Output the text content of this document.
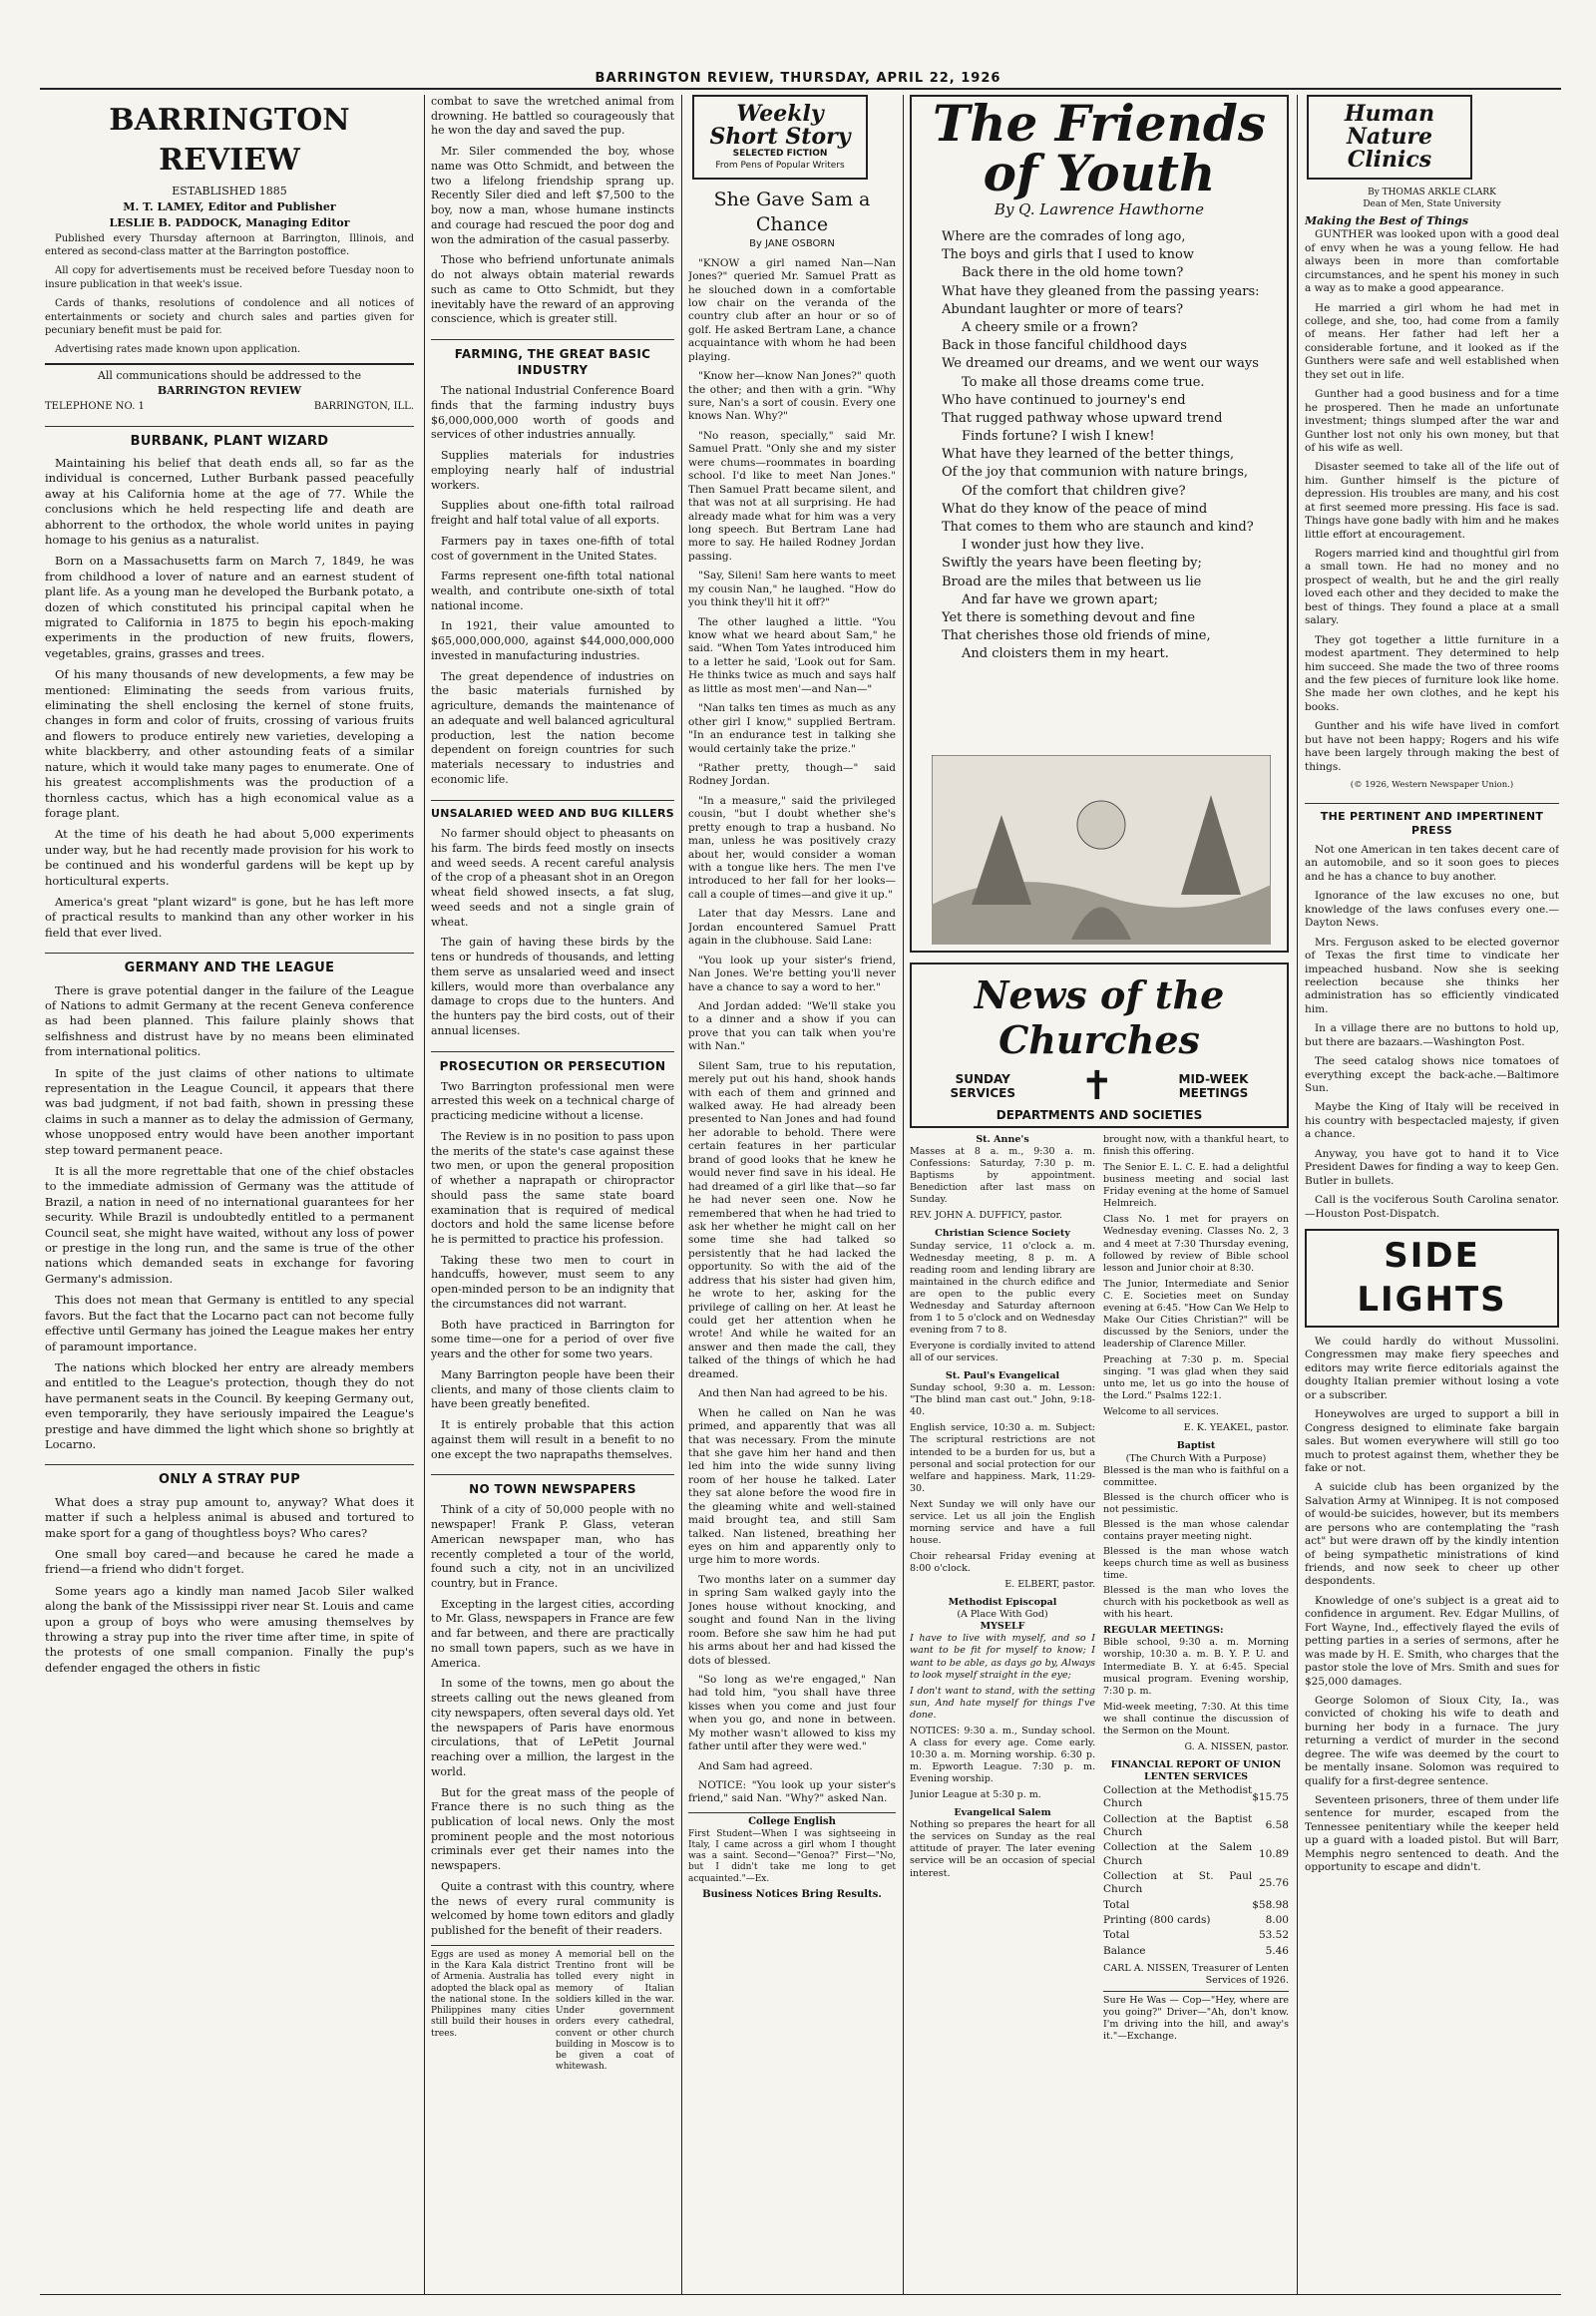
BARRINGTON REVIEW, THURSDAY, APRIL 22, 1926
BARRINGTON REVIEW
ESTABLISHED 1885
M. T. LAMEY, Editor and Publisher
LESLIE B. PADDOCK, Managing Editor

Published every Thursday afternoon at Barrington, Illinois, and entered as second-class matter at the Barrington postoffice.

All copy for advertisements must be received before Tuesday noon to insure publication in that week's issue.

Cards of thanks, resolutions of condolence and all notices of entertainments or society and church sales and parties given for pecuniary benefit must be paid for.

Advertising rates made known upon application.

All communications should be addressed to the
BARRINGTON REVIEW
TELEPHONE NO. 1	BARRINGTON, ILL.
BURBANK, PLANT WIZARD

Maintaining his belief that death ends all, so far as the individual is concerned, Luther Burbank passed peacefully away at his California home at the age of 77. While the conclusions which he held respecting life and death are abhorrent to the orthodox, the whole world unites in paying homage to his genius as a naturalist.

Born on a Massachusetts farm on March 7, 1849, he was from childhood a lover of nature and an earnest student of plant life. As a young man he developed the Burbank potato, a dozen of which constituted his principal capital when he migrated to California in 1875 to begin his epoch-making experiments in the production of new fruits, flowers, vegetables, grains, grasses and trees.

Of his many thousands of new developments, a few may be mentioned: Eliminating the seeds from various fruits, eliminating the shell enclosing the kernel of stone fruits, changes in form and color of fruits, crossing of various fruits and flowers to produce entirely new varieties, developing a white blackberry, and other astounding feats of a similar nature, which it would take many pages to enumerate. One of his greatest accomplishments was the production of a thornless cactus, which has a high economical value as a forage plant.

At the time of his death he had about 5,000 experiments under way, but he had recently made provision for his work to be continued and his wonderful gardens will be kept up by horticultural experts.

America's great "plant wizard" is gone, but he has left more of practical results to mankind than any other worker in his field that ever lived.

GERMANY AND THE LEAGUE

There is grave potential danger in the failure of the League of Nations to admit Germany at the recent Geneva conference as had been planned. This failure plainly shows that selfishness and distrust have by no means been eliminated from international politics.

In spite of the just claims of other nations to ultimate representation in the League Council, it appears that there was bad judgment, if not bad faith, shown in pressing these claims in such a manner as to delay the admission of Germany, whose unopposed entry would have been another important step toward permanent peace.

It is all the more regrettable that one of the chief obstacles to the immediate admission of Germany was the attitude of Brazil, a nation in need of no international guarantees for her security. While Brazil is undoubtedly entitled to a permanent Council seat, she might have waited, without any loss of power or prestige in the long run, and the same is true of the other nations which demanded seats in exchange for favoring Germany's admission.

This does not mean that Germany is entitled to any special favors. But the fact that the Locarno pact can not become fully effective until Germany has joined the League makes her entry of paramount importance.

The nations which blocked her entry are already members and entitled to the League's protection, though they do not have permanent seats in the Council. By keeping Germany out, even temporarily, they have seriously impaired the League's prestige and have dimmed the light which shone so brightly at Locarno.

ONLY A STRAY PUP

What does a stray pup amount to, anyway? What does it matter if such a helpless animal is abused and tortured to make sport for a gang of thoughtless boys? Who cares?

One small boy cared—and because he cared he made a friend—a friend who didn't forget.

Some years ago a kindly man named Jacob Siler walked along the bank of the Mississippi river near St. Louis and came upon a group of boys who were amusing themselves by throwing a stray pup into the river time after time, in spite of the protests of one small companion. Finally the pup's defender engaged the others in fistic

combat to save the wretched animal from drowning. He battled so courageously that he won the day and saved the pup.

Mr. Siler commended the boy, whose name was Otto Schmidt, and between the two a lifelong friendship sprang up. Recently Siler died and left $7,500 to the boy, now a man, whose humane instincts and courage had rescued the poor dog and won the admiration of the casual passerby.

Those who befriend unfortunate animals do not always obtain material rewards such as came to Otto Schmidt, but they inevitably have the reward of an approving conscience, which is greater still.

FARMING, THE GREAT BASIC INDUSTRY

The national Industrial Conference Board finds that the farming industry buys $6,000,000,000 worth of goods and services of other industries annually.

Supplies materials for industries employing nearly half of industrial workers.

Supplies about one-fifth total railroad freight and half total value of all exports.

Farmers pay in taxes one-fifth of total cost of government in the United States.

Farms represent one-fifth total national wealth, and contribute one-sixth of total national income.

In 1921, their value amounted to $65,000,000,000, against $44,000,000,000 invested in manufacturing industries.

The great dependence of industries on the basic materials furnished by agriculture, demands the maintenance of an adequate and well balanced agricultural production, lest the nation become dependent on foreign countries for such materials necessary to industries and economic life.

UNSALARIED WEED AND BUG KILLERS

No farmer should object to pheasants on his farm. The birds feed mostly on insects and weed seeds. A recent careful analysis of the crop of a pheasant shot in an Oregon wheat field showed insects, a fat slug, weed seeds and not a single grain of wheat.

The gain of having these birds by the tens or hundreds of thousands, and letting them serve as unsalaried weed and insect killers, would more than overbalance any damage to crops due to the hunters. And the hunters pay the bird costs, out of their annual licenses.

PROSECUTION OR PERSECUTION

Two Barrington professional men were arrested this week on a technical charge of practicing medicine without a license.

The Review is in no position to pass upon the merits of the state's case against these two men, or upon the general proposition of whether a naprapath or chiropractor should pass the same state board examination that is required of medical doctors and hold the same license before he is permitted to practice his profession.

Taking these two men to court in handcuffs, however, must seem to any open-minded person to be an indignity that the circumstances did not warrant.

Both have practiced in Barrington for some time—one for a period of over five years and the other for some two years.

Many Barrington people have been their clients, and many of those clients claim to have been greatly benefited.

It is entirely probable that this action against them will result in a benefit to no one except the two naprapaths themselves.

NO TOWN NEWSPAPERS

Think of a city of 50,000 people with no newspaper! Frank P. Glass, veteran American newspaper man, who has recently completed a tour of the world, found such a city, not in an uncivilized country, but in France.

Excepting in the largest cities, according to Mr. Glass, newspapers in France are few and far between, and there are practically no small town papers, such as we have in America.

In some of the towns, men go about the streets calling out the news gleaned from city newspapers, often several days old. Yet the newspapers of Paris have enormous circulations, that of LePetit Journal reaching over a million, the largest in the world.

But for the great mass of the people of France there is no such thing as the publication of local news. Only the most prominent people and the most notorious criminals ever get their names into the newspapers.

Quite a contrast with this country, where the news of every rural community is welcomed by home town editors and gladly published for the benefit of their readers.

Eggs are used as money in the Kara Kala district of Armenia. Australia has adopted the black opal as the national stone. In the Philippines many cities still build their houses in trees.
A memorial bell on the Trentino front will be tolled every night in memory of Italian soldiers killed in the war. Under government orders every cathedral, convent or other church building in Moscow is to be given a coat of whitewash.
Weekly Short Story
SELECTED FICTION
From Pens of Popular Writers
She Gave Sam a Chance
By JANE OSBORN

"KNOW a girl named Nan—Nan Jones?" queried Mr. Samuel Pratt as he slouched down in a comfortable low chair on the veranda of the country club after an hour or so of golf. He asked Bertram Lane, a chance acquaintance with whom he had been playing.

"Know her—know Nan Jones?" quoth the other; and then with a grin. "Why sure, Nan's a sort of cousin. Every one knows Nan. Why?"

"No reason, specially," said Mr. Samuel Pratt. "Only she and my sister were chums—roommates in boarding school. I'd like to meet Nan Jones." Then Samuel Pratt became silent, and that was not at all surprising. He had already made what for him was a very long speech. But Bertram Lane had more to say. He hailed Rodney Jordan passing.

"Say, Sileni! Sam here wants to meet my cousin Nan," he laughed. "How do you think they'll hit it off?"

The other laughed a little. "You know what we heard about Sam," he said. "When Tom Yates introduced him to a letter he said, 'Look out for Sam. He thinks twice as much and says half as little as most men'—and Nan—"

"Nan talks ten times as much as any other girl I know," supplied Bertram. "In an endurance test in talking she would certainly take the prize."

"Rather pretty, though—" said Rodney Jordan.

"In a measure," said the privileged cousin, "but I doubt whether she's pretty enough to trap a husband. No man, unless he was positively crazy about her, would consider a woman with a tongue like hers. The men I've introduced to her fall for her looks—call a couple of times—and give it up."

Later that day Messrs. Lane and Jordan encountered Samuel Pratt again in the clubhouse. Said Lane:

"You look up your sister's friend, Nan Jones. We're betting you'll never have a chance to say a word to her."

And Jordan added: "We'll stake you to a dinner and a show if you can prove that you can talk when you're with Nan."

Silent Sam, true to his reputation, merely put out his hand, shook hands with each of them and grinned and walked away. He had already been presented to Nan Jones and had found her adorable to behold. There were certain features in her particular brand of good looks that he knew he would never find save in his ideal. He had dreamed of a girl like that—so far he had never seen one. Now he remembered that when he had tried to ask her whether he might call on her some time she had talked so persistently that he had lacked the opportunity. So with the aid of the address that his sister had given him, he wrote to her, asking for the privilege of calling on her. At least he could get her attention when he wrote! And while he waited for an answer and then made the call, they talked of the things of which he had dreamed.

And then Nan had agreed to be his.

When he called on Nan he was primed, and apparently that was all that was necessary. From the minute that she gave him her hand and then led him into the wide sunny living room of her house he talked. Later they sat alone before the wood fire in the gleaming white and well-stained maid brought tea, and still Sam talked. Nan listened, breathing her eyes on him and apparently only to urge him to more words.

Two months later on a summer day in spring Sam walked gayly into the Jones house without knocking, and sought and found Nan in the living room. Before she saw him he had put his arms about her and had kissed the dots of blessed.

"So long as we're engaged," Nan had told him, "you shall have three kisses when you come and just four when you go, and none in between. My mother wasn't allowed to kiss my father until after they were wed."

And Sam had agreed.

NOTICE: "You look up your sister's friend," said Nan. "Why?" asked Nan.

College English
First Student—When I was sightseeing in Italy, I came across a girl whom I thought was a saint. Second—"Genoa?" First—"No, but I didn't take me long to get acquainted."—Ex.
Business Notices Bring Results.
The Friends of Youth
By Q. Lawrence Hawthorne
Where are the comrades of long ago,
The boys and girls that I used to know
Back there in the old home town?
What have they gleaned from the passing years:
Abundant laughter or more of tears?
A cheery smile or a frown?
Back in those fanciful childhood days
We dreamed our dreams, and we went our ways
To make all those dreams come true.
Who have continued to journey's end
That rugged pathway whose upward trend
Finds fortune? I wish I knew!
What have they learned of the better things,
Of the joy that communion with nature brings,
Of the comfort that children give?
What do they know of the peace of mind
That comes to them who are staunch and kind?
I wonder just how they live.
Swiftly the years have been fleeting by;
Broad are the miles that between us lie
And far have we grown apart;
Yet there is something devout and fine
That cherishes those old friends of mine,
And cloisters them in my heart.
News of the Churches
SUNDAY
SERVICES ✝	MID-WEEK
MEETINGS
DEPARTMENTS AND SOCIETIES
St. Anne's

Masses at 8 a. m., 9:30 a. m. Confessions: Saturday, 7:30 p. m. Baptisms by appointment. Benediction after last mass on Sunday.

REV. JOHN A. DUFFICY, pastor.
Christian Science Society

Sunday service, 11 o'clock a. m. Wednesday meeting, 8 p. m. A reading room and lending library are maintained in the church edifice and are open to the public every Wednesday and Saturday afternoon from 1 to 5 o'clock and on Wednesday evening from 7 to 8.

Everyone is cordially invited to attend all of our services.

St. Paul's Evangelical

Sunday school, 9:30 a. m. Lesson: "The blind man cast out." John, 9:18-40.

English service, 10:30 a. m. Subject: The scriptural restrictions are not intended to be a burden for us, but a personal and social protection for our welfare and happiness. Mark, 11:29-30.

Next Sunday we will only have our service. Let us all join the English morning service and have a full house.

Choir rehearsal Friday evening at 8:00 o'clock.

E. ELBERT, pastor.
Methodist Episcopal
(A Place With God)
MYSELF

I have to live with myself, and so I want to be fit for myself to know; I want to be able, as days go by, Always to look myself straight in the eye;

I don't want to stand, with the setting sun, And hate myself for things I've done.

NOTICES: 9:30 a. m., Sunday school. A class for every age. Come early. 10:30 a. m. Morning worship. 6:30 p. m. Epworth League. 7:30 p. m. Evening worship.

Junior League at 5:30 p. m.

Evangelical Salem

Nothing so prepares the heart for all the services on Sunday as the real attitude of prayer. The later evening service will be an occasion of special interest.

brought now, with a thankful heart, to finish this offering.

The Senior E. L. C. E. had a delightful business meeting and social last Friday evening at the home of Samuel Helmreich.

Class No. 1 met for prayers on Wednesday evening. Classes No. 2, 3 and 4 meet at 7:30 Thursday evening, followed by review of Bible school lesson and Junior choir at 8:30.

The Junior, Intermediate and Senior C. E. Societies meet on Sunday evening at 6:45. "How Can We Help to Make Our Cities Christian?" will be discussed by the Seniors, under the leadership of Clarence Miller.

Preaching at 7:30 p. m. Special singing. "I was glad when they said unto me, let us go into the house of the Lord." Psalms 122:1.

Welcome to all services.

E. K. YEAKEL, pastor.
Baptist
(The Church With a Purpose)

Blessed is the man who is faithful on a committee.

Blessed is the church officer who is not pessimistic.

Blessed is the man whose calendar contains prayer meeting night.

Blessed is the man whose watch keeps church time as well as business time.

Blessed is the man who loves the church with his pocketbook as well as with his heart.

REGULAR MEETINGS:

Bible school, 9:30 a. m. Morning worship, 10:30 a. m. B. Y. P. U. and Intermediate B. Y. at 6:45. Special musical program. Evening worship, 7:30 p. m.

Mid-week meeting, 7:30. At this time we shall continue the discussion of the Sermon on the Mount.

G. A. NISSEN, pastor.
FINANCIAL REPORT OF UNION LENTEN SERVICES
Collection at the Methodist Church	$15.75
Collection at the Baptist Church	6.58
Collection at the Salem Church	10.89
Collection at St. Paul Church	25.76
Total	$58.98
Printing (800 cards)	8.00
Total	53.52
Balance	5.46

CARL A. NISSEN, Treasurer of Lenten Services of 1926.

Sure He Was — Cop—"Hey, where are you going?" Driver—"Ah, don't know. I'm driving into the hill, and away's it."—Exchange.

Human Nature Clinics
By THOMAS ARKLE CLARK
Dean of Men, State University
Making the Best of Things

GUNTHER was looked upon with a good deal of envy when he was a young fellow. He had always been in more than comfortable circumstances, and he spent his money in such a way as to make a good appearance.

He married a girl whom he had met in college, and she, too, had come from a family of means. Her father had left her a considerable fortune, and it looked as if the Gunthers were safe and well established when they set out in life.

Gunther had a good business and for a time he prospered. Then he made an unfortunate investment; things slumped after the war and Gunther lost not only his own money, but that of his wife as well.

Disaster seemed to take all of the life out of him. Gunther himself is the picture of depression. His troubles are many, and his cost at first seemed more pressing. His face is sad. Things have gone badly with him and he makes little effort at encouragement.

Rogers married kind and thoughtful girl from a small town. He had no money and no prospect of wealth, but he and the girl really loved each other and they decided to make the best of things. They found a place at a small salary.

They got together a little furniture in a modest apartment. They determined to help him succeed. She made the two of three rooms and the few pieces of furniture look like home. She made her own clothes, and he kept his books.

Gunther and his wife have lived in comfort but have not been happy; Rogers and his wife have been largely through making the best of things.

(© 1926, Western Newspaper Union.)
THE PERTINENT AND IMPERTINENT PRESS

Not one American in ten takes decent care of an automobile, and so it soon goes to pieces and he has a chance to buy another.

Ignorance of the law excuses no one, but knowledge of the laws confuses every one.—Dayton News.

Mrs. Ferguson asked to be elected governor of Texas the first time to vindicate her impeached husband. Now she is seeking reelection because she thinks her administration has so efficiently vindicated him.

In a village there are no buttons to hold up, but there are bazaars.—Washington Post.

The seed catalog shows nice tomatoes of everything except the back-ache.—Baltimore Sun.

Maybe the King of Italy will be received in his country with bespectacled majesty, if given a chance.

Anyway, you have got to hand it to Vice President Dawes for finding a way to keep Gen. Butler in bullets.

Call is the vociferous South Carolina senator.—Houston Post-Dispatch.

SIDE LIGHTS

We could hardly do without Mussolini. Congressmen may make fiery speeches and editors may write fierce editorials against the doughty Italian premier without losing a vote or a subscriber.

Honeywolves are urged to support a bill in Congress designed to eliminate fake bargain sales. But women everywhere will still go too much to protest against them, whether they be fake or not.

A suicide club has been organized by the Salvation Army at Winnipeg. It is not composed of would-be suicides, however, but its members are persons who are contemplating the "rash act" but were drawn off by the kindly intention of being sympathetic ministrations of kind friends, and now seek to cheer up other despondents.

Knowledge of one's subject is a great aid to confidence in argument. Rev. Edgar Mullins, of Fort Wayne, Ind., effectively flayed the evils of petting parties in a series of sermons, after he was made by H. E. Smith, who charges that the pastor stole the love of Mrs. Smith and sues for $25,000 damages.

George Solomon of Sioux City, Ia., was convicted of choking his wife to death and burning her body in a furnace. The jury returning a verdict of murder in the second degree. The wife was deemed by the court to be mentally insane. Solomon was required to qualify for a first-degree sentence.

Seventeen prisoners, three of them under life sentence for murder, escaped from the Tennessee penitentiary while the keeper held up a guard with a loaded pistol. But will Barr, Memphis negro sentenced to death. And the opportunity to escape and didn't.
